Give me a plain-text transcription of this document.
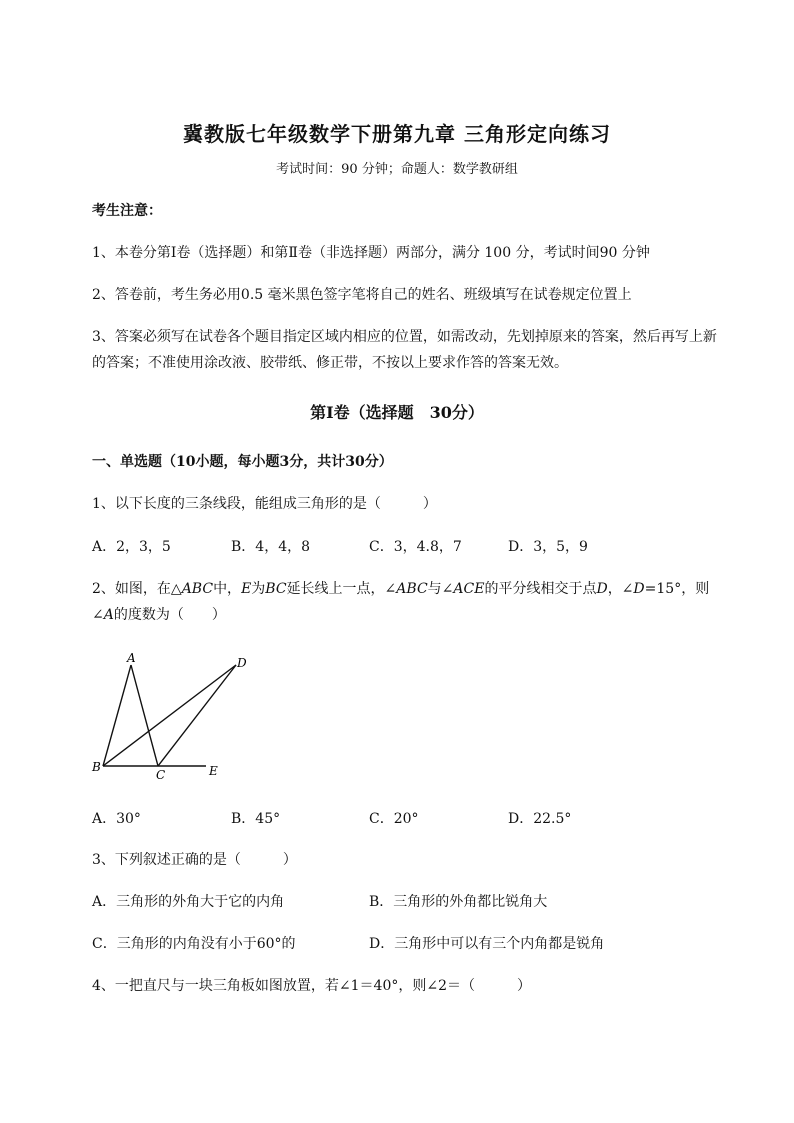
冀教版七年级数学下册第九章 三角形定向练习
考试时间：90 分钟；命题人：数学教研组
考生注意：
1、本卷分第Ⅰ卷（选择题）和第Ⅱ卷（非选择题）两部分，满分 100 分，考试时间90 分钟
2、答卷前，考生务必用0.5 毫米黑色签字笔将自己的姓名、班级填写在试卷规定位置上
3、答案必须写在试卷各个题目指定区域内相应的位置，如需改动，先划掉原来的答案，然后再写上新
的答案；不准使用涂改液、胶带纸、修正带，不按以上要求作答的答案无效。
第Ⅰ卷（选择题　30分）
一、单选题（10小题，每小题3分，共计30分）
1、以下长度的三条线段，能组成三角形的是（　　　）
A．2，3，5	B．4，4，8	C．3，4.8，7	D．3，5，9
2、如图，在△ABC中，E为BC延长线上一点，∠ABC与∠ACE的平分线相交于点D，∠D=15°，则
∠A的度数为（　　）
A	D
B
C	E
A．30°	B．45°	C．20°	D．22.5°
3、下列叙述正确的是（　　　）
A．三角形的外角大于它的内角	B．三角形的外角都比锐角大
C．三角形的内角没有小于60°的	D．三角形中可以有三个内角都是锐角
4、一把直尺与一块三角板如图放置，若∠1＝40°，则∠2＝（　　　）
